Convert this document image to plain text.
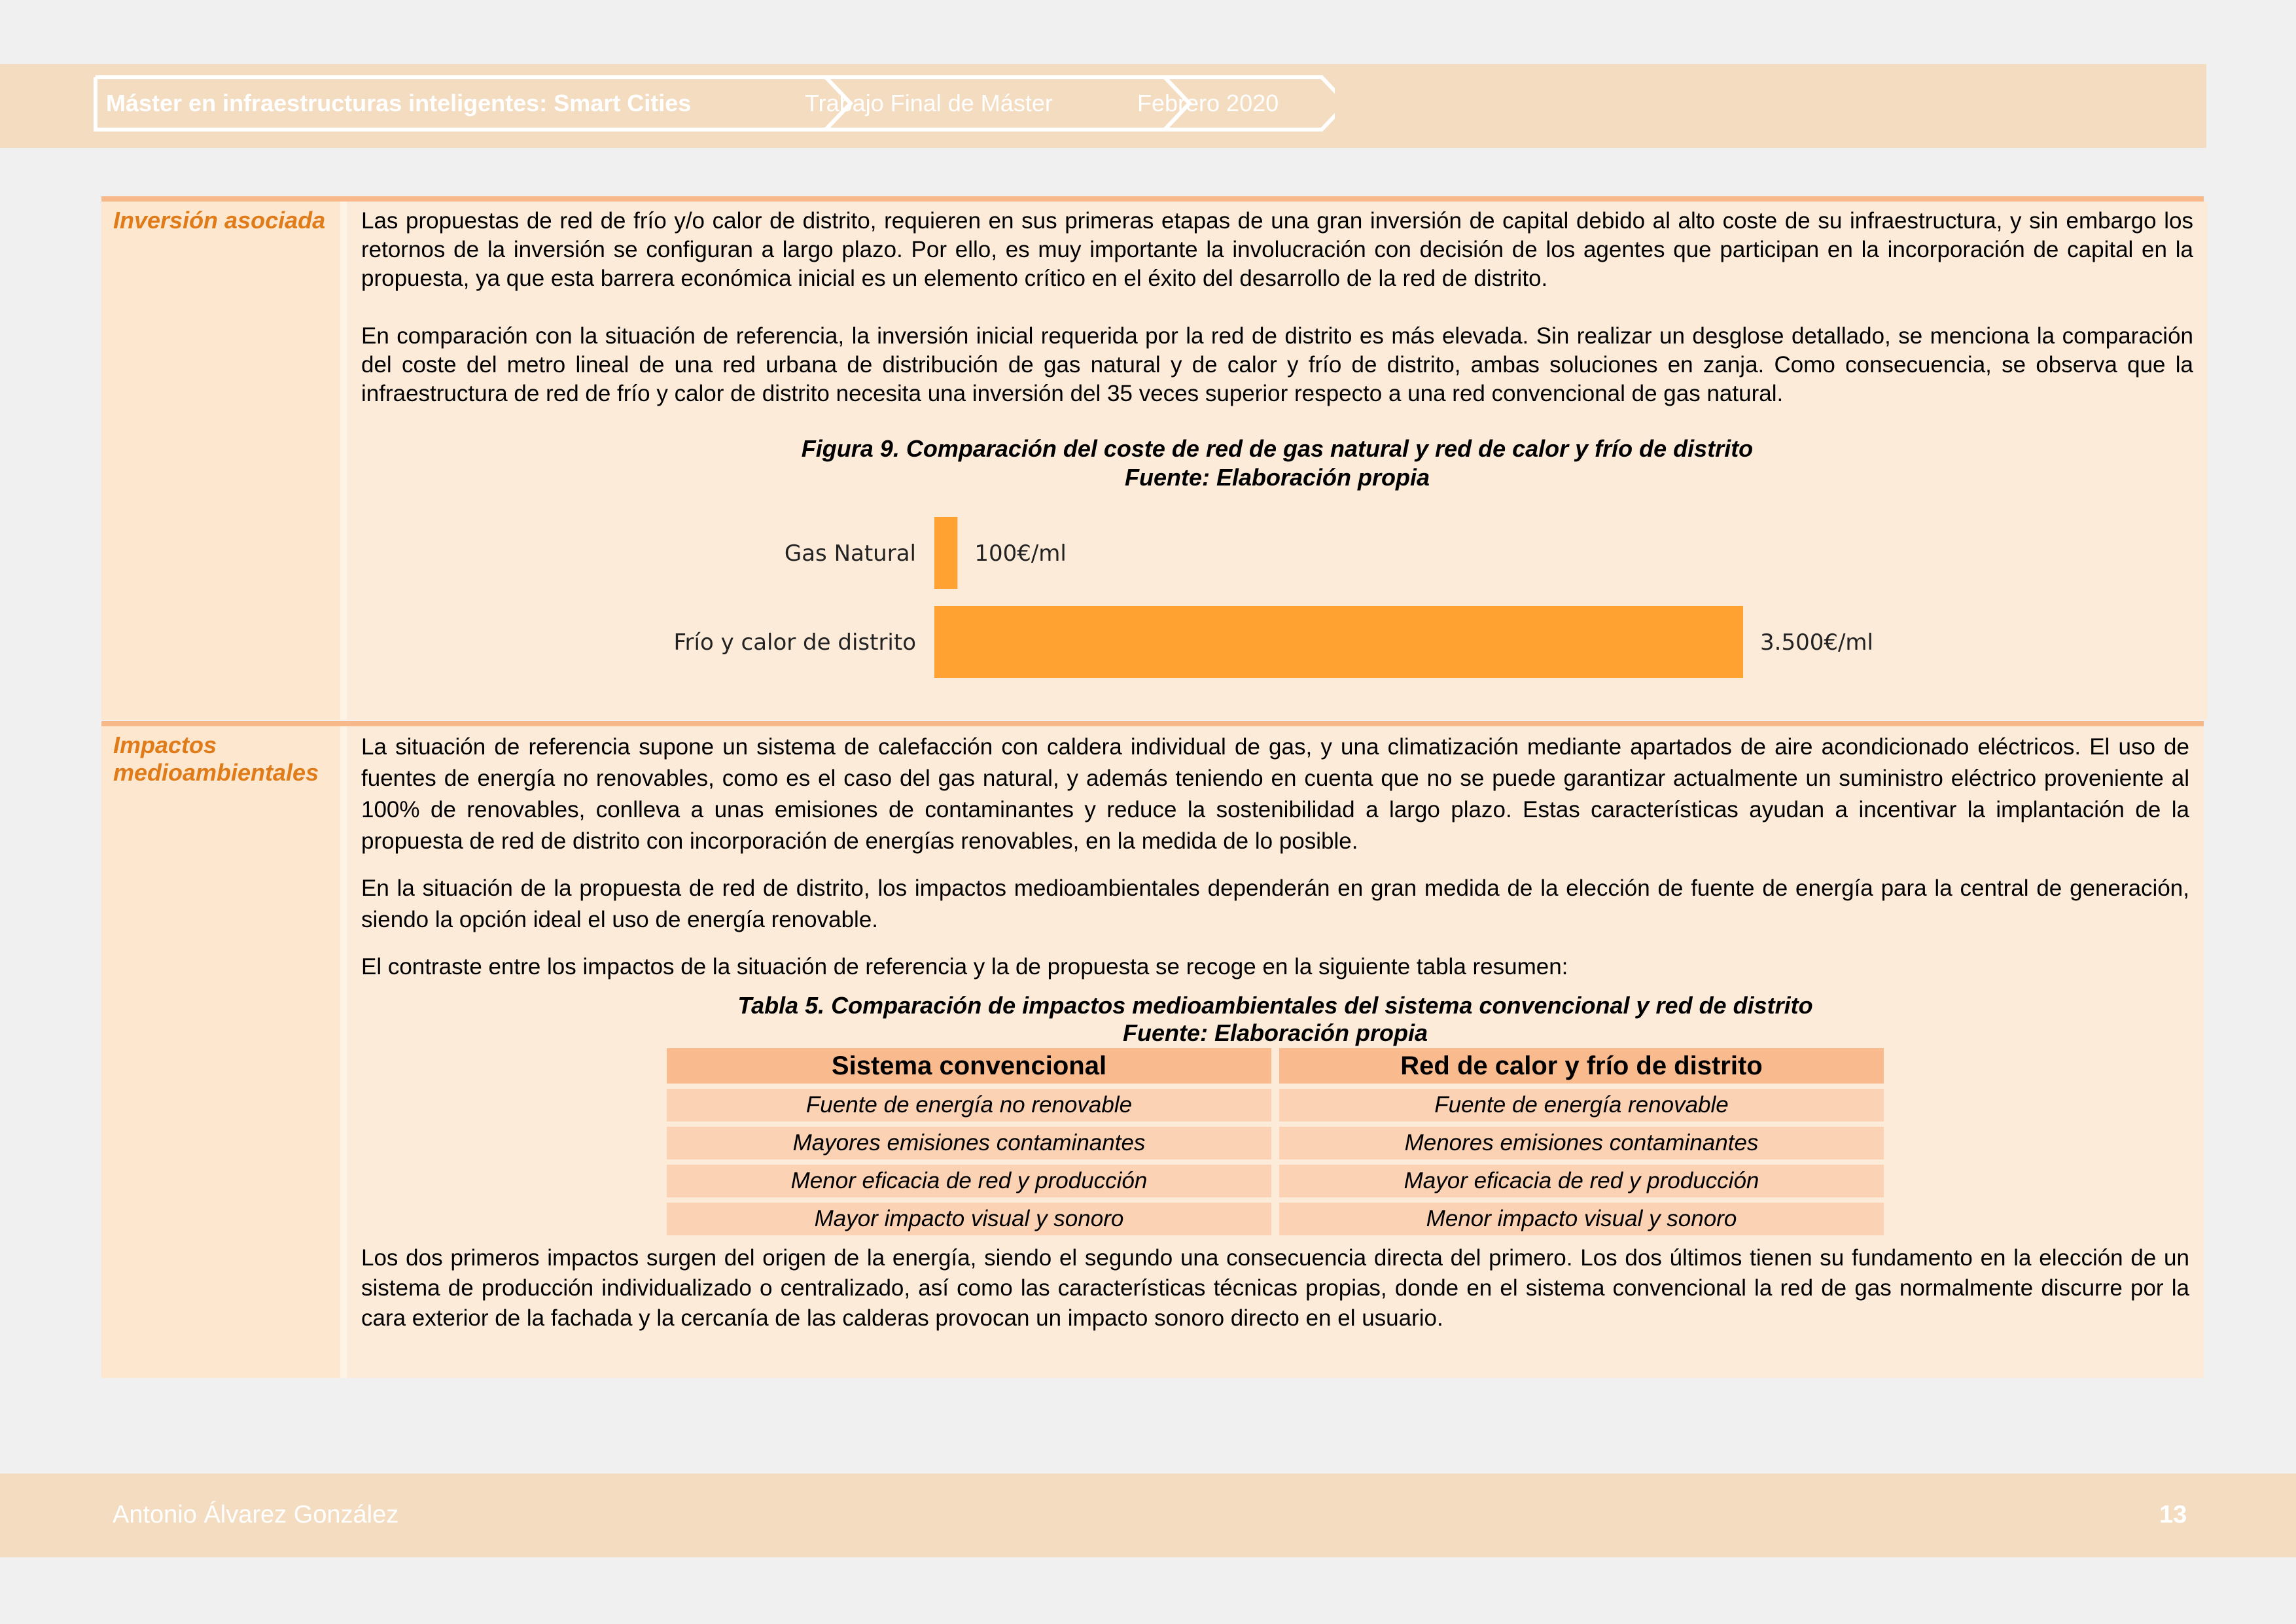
Máster en infraestructuras inteligentes: Smart Cities	Trabajo Final de Máster	Febrero 2020
Inversión asociada Las propuestas de red de frío y/o calor de distrito, requieren en sus primeras etapas de una gran inversión de capital debido al alto coste de su infraestructura, y sin embargo los retornos de la inversión se configuran a largo plazo. Por ello, es muy importante la involucración con decisión de los agentes que participan en la incorporación de capital en la propuesta, ya que esta barrera económica inicial es un elemento crítico en el éxito del desarrollo de la red de distrito.

En comparación con la situación de referencia, la inversión inicial requerida por la red de distrito es más elevada. Sin realizar un desglose detallado, se menciona la comparación del coste del metro lineal de una red urbana de distribución de gas natural y de calor y frío de distrito, ambas soluciones en zanja. Como consecuencia, se observa que la infraestructura de red de frío y calor de distrito necesita una inversión del 35 veces superior respecto a una red convencional de gas natural.

Figura 9. Comparación del coste de red de gas natural y red de calor y frío de distrito
Fuente: Elaboración propia
Gas Natural	100€/ml
Frío y calor de distrito	3.500€/ml
Impactos medioambientales

La situación de referencia supone un sistema de calefacción con caldera individual de gas, y una climatización mediante apartados de aire acondicionado eléctricos. El uso de fuentes de energía no renovables, como es el caso del gas natural, y además teniendo en cuenta que no se puede garantizar actualmente un suministro eléctrico proveniente al 100% de renovables, conlleva a unas emisiones de contaminantes y reduce la sostenibilidad a largo plazo. Estas características ayudan a incentivar la implantación de la propuesta de red de distrito con incorporación de energías renovables, en la medida de lo posible.

En la situación de la propuesta de red de distrito, los impactos medioambientales dependerán en gran medida de la elección de fuente de energía para la central de generación, siendo la opción ideal el uso de energía renovable.

El contraste entre los impactos de la situación de referencia y la de propuesta se recoge en la siguiente tabla resumen:

Tabla 5. Comparación de impactos medioambientales del sistema convencional y red de distrito
Fuente: Elaboración propia
Sistema convencional	Red de calor y frío de distrito
Fuente de energía no renovable	Fuente de energía renovable
Mayores emisiones contaminantes	Menores emisiones contaminantes
Menor eficacia de red y producción	Mayor eficacia de red y producción
Mayor impacto visual y sonoro	Menor impacto visual y sonoro

Los dos primeros impactos surgen del origen de la energía, siendo el segundo una consecuencia directa del primero. Los dos últimos tienen su fundamento en la elección de un sistema de producción individualizado o centralizado, así como las características técnicas propias, donde en el sistema convencional la red de gas normalmente discurre por la cara exterior de la fachada y la cercanía de las calderas provocan un impacto sonoro directo en el usuario.

Antonio Álvarez González	13
